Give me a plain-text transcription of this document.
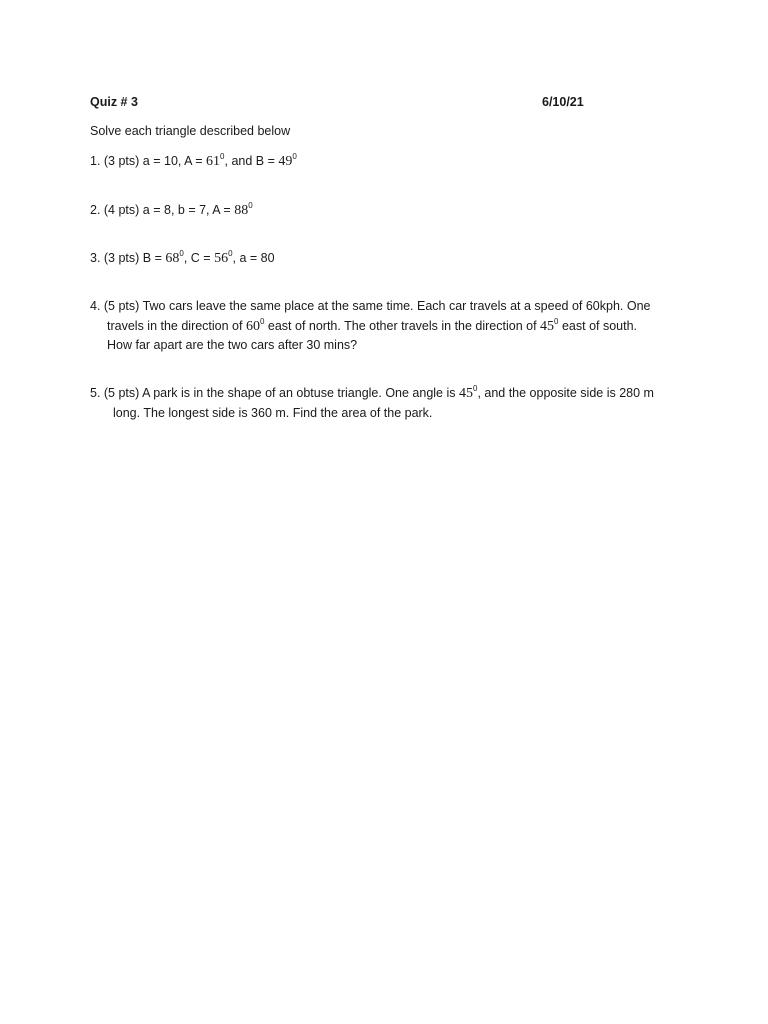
Quiz # 3	6/10/21
Solve each triangle described below
1. (3 pts) a = 10, $A = 61^0$, and $B = 49^0$
2. (4 pts) a = 8, b = 7, $A = 88^0$
3. (3 pts) $B = 68^0$, $C = 56^0$, a = 80
4. (5 pts) Two cars leave the same place at the same time. Each car travels at a speed of 60kph. One
travels in the direction of $60^0$ east of north. The other travels in the direction of $45^0$ east of south.
How far apart are the two cars after 30 mins?
5. (5 pts) A park is in the shape of an obtuse triangle. One angle is $45^0$, and the opposite side is 280 m
long. The longest side is 360 m. Find the area of the park.
